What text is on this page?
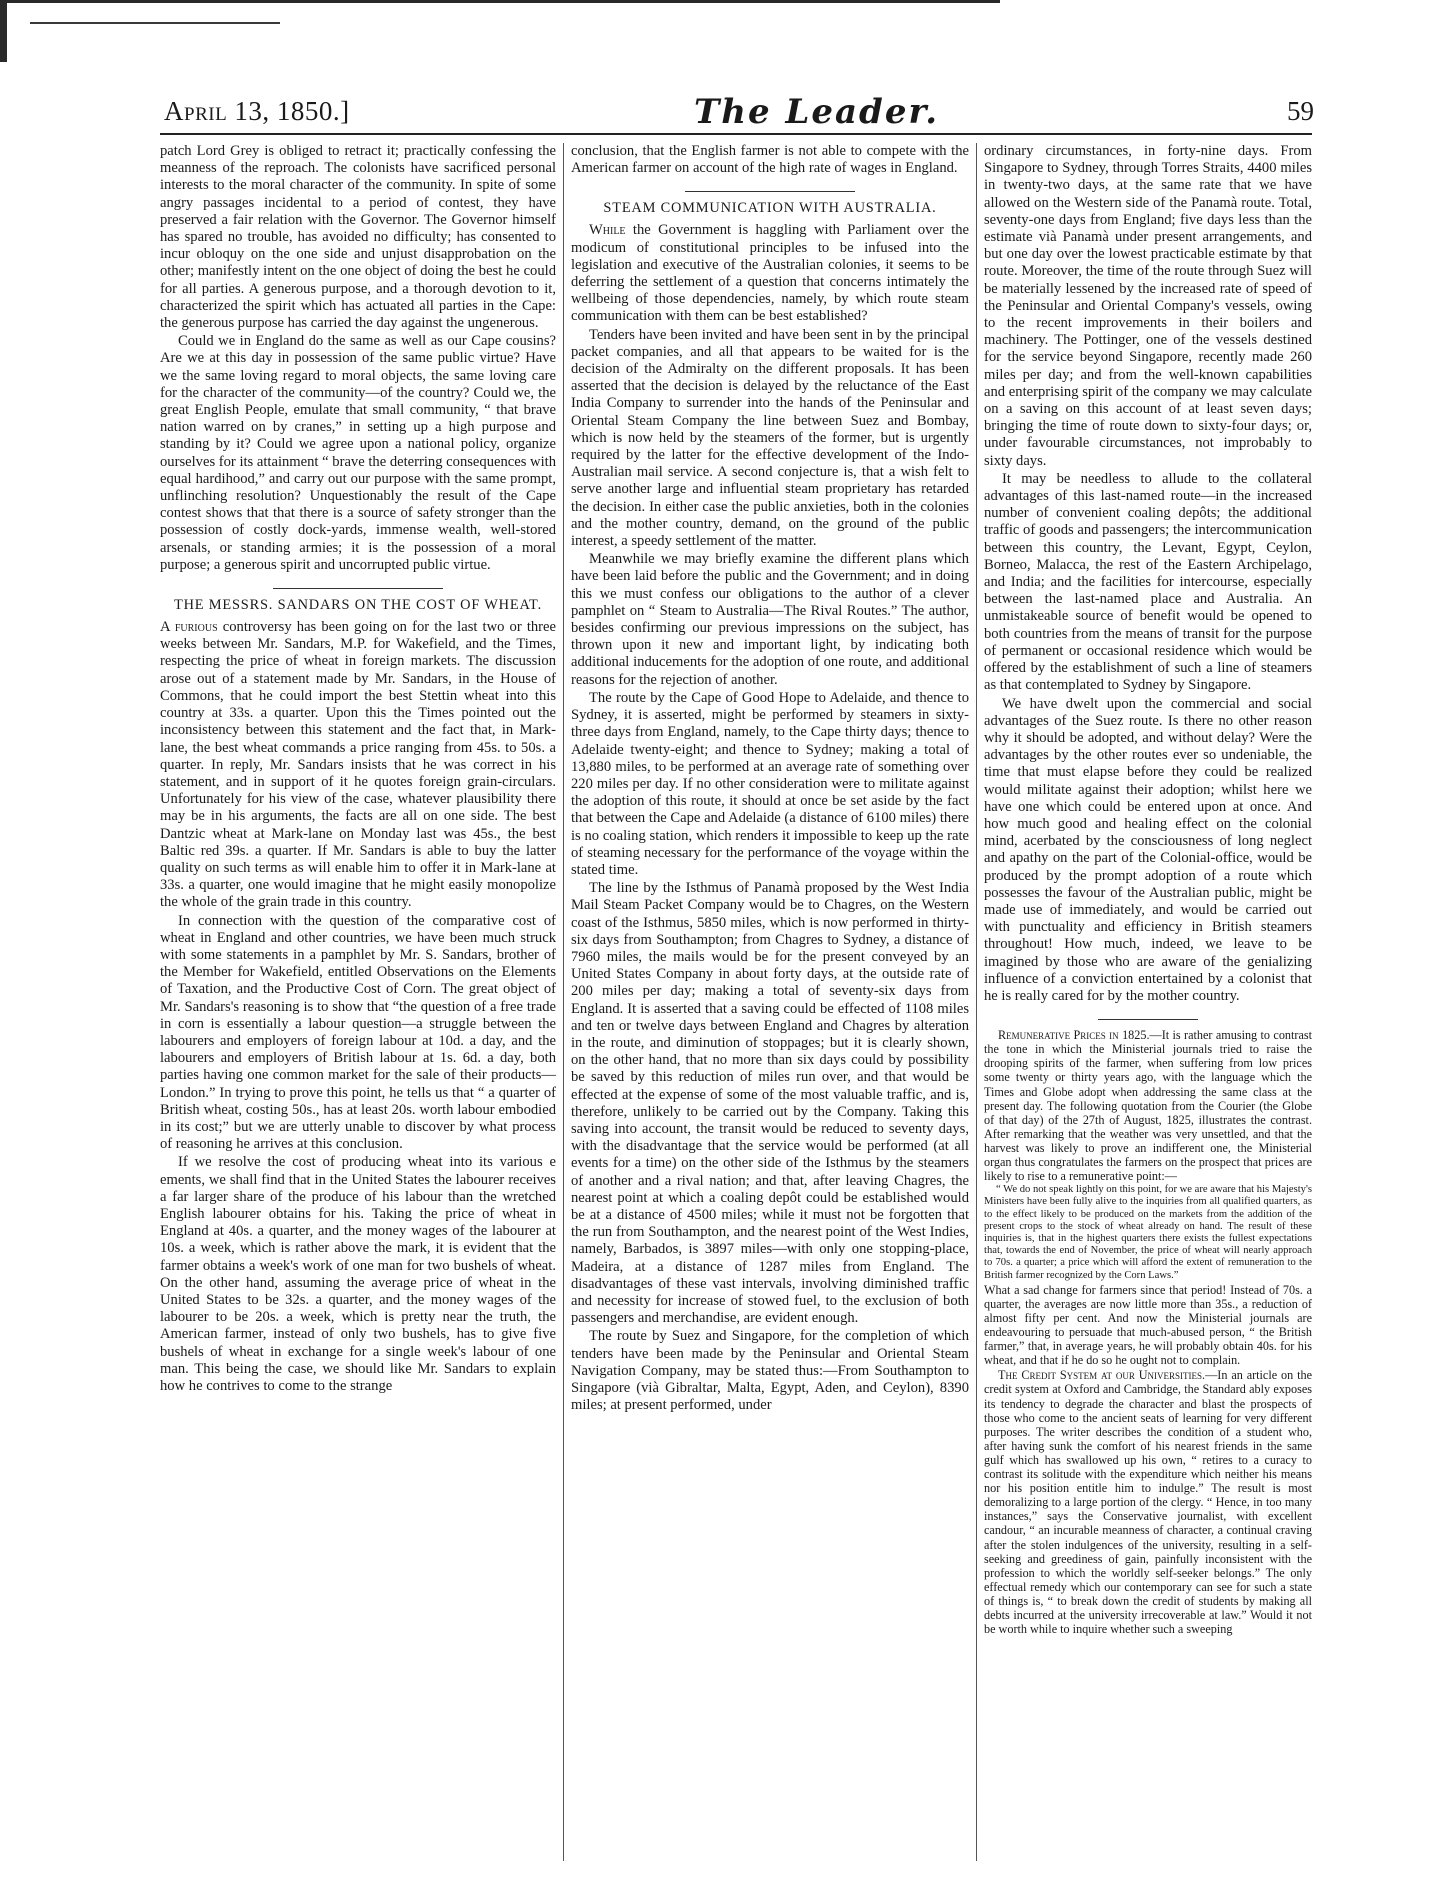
April 13, 1850.]	The Leader.	59

patch Lord Grey is obliged to retract it; practically confessing the meanness of the reproach. The colonists have sacrificed personal interests to the moral character of the community. In spite of some angry passages incidental to a period of contest, they have preserved a fair relation with the Governor. The Governor himself has spared no trouble, has avoided no difficulty; has consented to incur obloquy on the one side and unjust disapprobation on the other; manifestly intent on the one object of doing the best he could for all parties. A generous purpose, and a thorough devotion to it, characterized the spirit which has actuated all parties in the Cape: the generous purpose has carried the day against the ungenerous.

Could we in England do the same as well as our Cape cousins? Are we at this day in possession of the same public virtue? Have we the same loving regard to moral objects, the same loving care for the character of the community—of the country? Could we, the great English People, emulate that small community, “ that brave nation warred on by cranes,” in setting up a high purpose and standing by it? Could we agree upon a national policy, organize ourselves for its attainment “ brave the deterring consequences with equal hardihood,” and carry out our purpose with the same prompt, unflinching resolution? Unquestionably the result of the Cape contest shows that that there is a source of safety stronger than the possession of costly dock-yards, immense wealth, well-stored arsenals, or standing armies; it is the possession of a moral purpose; a generous spirit and uncorrupted public virtue.

THE MESSRS. SANDARS ON THE COST OF WHEAT.

A furious controversy has been going on for the last two or three weeks between Mr. Sandars, M.P. for Wakefield, and the Times, respecting the price of wheat in foreign markets. The discussion arose out of a statement made by Mr. Sandars, in the House of Commons, that he could import the best Stettin wheat into this country at 33s. a quarter. Upon this the Times pointed out the inconsistency between this statement and the fact that, in Mark-lane, the best wheat commands a price ranging from 45s. to 50s. a quarter. In reply, Mr. Sandars insists that he was correct in his statement, and in support of it he quotes foreign grain-circulars. Unfortunately for his view of the case, whatever plausibility there may be in his arguments, the facts are all on one side. The best Dantzic wheat at Mark-lane on Monday last was 45s., the best Baltic red 39s. a quarter. If Mr. Sandars is able to buy the latter quality on such terms as will enable him to offer it in Mark-lane at 33s. a quarter, one would imagine that he might easily monopolize the whole of the grain trade in this country.

In connection with the question of the comparative cost of wheat in England and other countries, we have been much struck with some statements in a pamphlet by Mr. S. Sandars, brother of the Member for Wakefield, entitled Observations on the Elements of Taxation, and the Productive Cost of Corn. The great object of Mr. Sandars's reasoning is to show that “the question of a free trade in corn is essentially a labour question—a struggle between the labourers and employers of foreign labour at 10d. a day, and the labourers and employers of British labour at 1s. 6d. a day, both parties having one common market for the sale of their products—London.” In trying to prove this point, he tells us that “ a quarter of British wheat, costing 50s., has at least 20s. worth labour embodied in its cost;” but we are utterly unable to discover by what process of reasoning he arrives at this conclusion.

If we resolve the cost of producing wheat into its various e ements, we shall find that in the United States the labourer receives a far larger share of the produce of his labour than the wretched English labourer obtains for his. Taking the price of wheat in England at 40s. a quarter, and the money wages of the labourer at 10s. a week, which is rather above the mark, it is evident that the farmer obtains a week's work of one man for two bushels of wheat. On the other hand, assuming the average price of wheat in the United States to be 32s. a quarter, and the money wages of the labourer to be 20s. a week, which is pretty near the truth, the American farmer, instead of only two bushels, has to give five bushels of wheat in exchange for a single week's labour of one man. This being the case, we should like Mr. Sandars to explain how he contrives to come to the strange

conclusion, that the English farmer is not able to compete with the American farmer on account of the high rate of wages in England.

STEAM COMMUNICATION WITH AUSTRALIA.

While the Government is haggling with Parliament over the modicum of constitutional principles to be infused into the legislation and executive of the Australian colonies, it seems to be deferring the settlement of a question that concerns intimately the wellbeing of those dependencies, namely, by which route steam communication with them can be best established?

Tenders have been invited and have been sent in by the principal packet companies, and all that appears to be waited for is the decision of the Admiralty on the different proposals. It has been asserted that the decision is delayed by the reluctance of the East India Company to surrender into the hands of the Peninsular and Oriental Steam Company the line between Suez and Bombay, which is now held by the steamers of the former, but is urgently required by the latter for the effective development of the Indo-Australian mail service. A second conjecture is, that a wish felt to serve another large and influential steam proprietary has retarded the decision. In either case the public anxieties, both in the colonies and the mother country, demand, on the ground of the public interest, a speedy settlement of the matter.

Meanwhile we may briefly examine the different plans which have been laid before the public and the Government; and in doing this we must confess our obligations to the author of a clever pamphlet on “ Steam to Australia—The Rival Routes.” The author, besides confirming our previous impressions on the subject, has thrown upon it new and important light, by indicating both additional inducements for the adoption of one route, and additional reasons for the rejection of another.

The route by the Cape of Good Hope to Adelaide, and thence to Sydney, it is asserted, might be performed by steamers in sixty-three days from England, namely, to the Cape thirty days; thence to Adelaide twenty-eight; and thence to Sydney; making a total of 13,880 miles, to be performed at an average rate of something over 220 miles per day. If no other consideration were to militate against the adoption of this route, it should at once be set aside by the fact that between the Cape and Adelaide (a distance of 6100 miles) there is no coaling station, which renders it impossible to keep up the rate of steaming necessary for the performance of the voyage within the stated time.

The line by the Isthmus of Panamà proposed by the West India Mail Steam Packet Company would be to Chagres, on the Western coast of the Isthmus, 5850 miles, which is now performed in thirty-six days from Southampton; from Chagres to Sydney, a distance of 7960 miles, the mails would be for the present conveyed by an United States Company in about forty days, at the outside rate of 200 miles per day; making a total of seventy-six days from England. It is asserted that a saving could be effected of 1108 miles and ten or twelve days between England and Chagres by alteration in the route, and diminution of stoppages; but it is clearly shown, on the other hand, that no more than six days could by possibility be saved by this reduction of miles run over, and that would be effected at the expense of some of the most valuable traffic, and is, therefore, unlikely to be carried out by the Company. Taking this saving into account, the transit would be reduced to seventy days, with the disadvantage that the service would be performed (at all events for a time) on the other side of the Isthmus by the steamers of another and a rival nation; and that, after leaving Chagres, the nearest point at which a coaling depôt could be established would be at a distance of 4500 miles; while it must not be forgotten that the run from Southampton, and the nearest point of the West Indies, namely, Barbados, is 3897 miles—with only one stopping-place, Madeira, at a distance of 1287 miles from England. The disadvantages of these vast intervals, involving diminished traffic and necessity for increase of stowed fuel, to the exclusion of both passengers and merchandise, are evident enough.

The route by Suez and Singapore, for the completion of which tenders have been made by the Peninsular and Oriental Steam Navigation Company, may be stated thus:—From Southampton to Singapore (vià Gibraltar, Malta, Egypt, Aden, and Ceylon), 8390 miles; at present performed, under

ordinary circumstances, in forty-nine days. From Singapore to Sydney, through Torres Straits, 4400 miles in twenty-two days, at the same rate that we have allowed on the Western side of the Panamà route. Total, seventy-one days from England; five days less than the estimate vià Panamà under present arrangements, and but one day over the lowest practicable estimate by that route. Moreover, the time of the route through Suez will be materially lessened by the increased rate of speed of the Peninsular and Oriental Company's vessels, owing to the recent improvements in their boilers and machinery. The Pottinger, one of the vessels destined for the service beyond Singapore, recently made 260 miles per day; and from the well-known capabilities and enterprising spirit of the company we may calculate on a saving on this account of at least seven days; bringing the time of route down to sixty-four days; or, under favourable circumstances, not improbably to sixty days.

It may be needless to allude to the collateral advantages of this last-named route—in the increased number of convenient coaling depôts; the additional traffic of goods and passengers; the intercommunication between this country, the Levant, Egypt, Ceylon, Borneo, Malacca, the rest of the Eastern Archipelago, and India; and the facilities for intercourse, especially between the last-named place and Australia. An unmistakeable source of benefit would be opened to both countries from the means of transit for the purpose of permanent or occasional residence which would be offered by the establishment of such a line of steamers as that contemplated to Sydney by Singapore.

We have dwelt upon the commercial and social advantages of the Suez route. Is there no other reason why it should be adopted, and without delay? Were the advantages by the other routes ever so undeniable, the time that must elapse before they could be realized would militate against their adoption; whilst here we have one which could be entered upon at once. And how much good and healing effect on the colonial mind, acerbated by the consciousness of long neglect and apathy on the part of the Colonial-office, would be produced by the prompt adoption of a route which possesses the favour of the Australian public, might be made use of immediately, and would be carried out with punctuality and efficiency in British steamers throughout! How much, indeed, we leave to be imagined by those who are aware of the genializing influence of a conviction entertained by a colonist that he is really cared for by the mother country.

Remunerative Prices in 1825.—It is rather amusing to contrast the tone in which the Ministerial journals tried to raise the drooping spirits of the farmer, when suffering from low prices some twenty or thirty years ago, with the language which the Times and Globe adopt when addressing the same class at the present day. The following quotation from the Courier (the Globe of that day) of the 27th of August, 1825, illustrates the contrast. After remarking that the weather was very unsettled, and that the harvest was likely to prove an indifferent one, the Ministerial organ thus congratulates the farmers on the prospect that prices are likely to rise to a remunerative point:—

“ We do not speak lightly on this point, for we are aware that his Majesty's Ministers have been fully alive to the inquiries from all qualified quarters, as to the effect likely to be produced on the markets from the addition of the present crops to the stock of wheat already on hand. The result of these inquiries is, that in the highest quarters there exists the fullest expectations that, towards the end of November, the price of wheat will nearly approach to 70s. a quarter; a price which will afford the extent of remuneration to the British farmer recognized by the Corn Laws.”

What a sad change for farmers since that period! Instead of 70s. a quarter, the averages are now little more than 35s., a reduction of almost fifty per cent. And now the Ministerial journals are endeavouring to persuade that much-abused person, “ the British farmer,” that, in average years, he will probably obtain 40s. for his wheat, and that if he do so he ought not to complain.

The Credit System at our Universities.—In an article on the credit system at Oxford and Cambridge, the Standard ably exposes its tendency to degrade the character and blast the prospects of those who come to the ancient seats of learning for very different purposes. The writer describes the condition of a student who, after having sunk the comfort of his nearest friends in the same gulf which has swallowed up his own, “ retires to a curacy to contrast its solitude with the expenditure which neither his means nor his position entitle him to indulge.” The result is most demoralizing to a large portion of the clergy. “ Hence, in too many instances,” says the Conservative journalist, with excellent candour, “ an incurable meanness of character, a continual craving after the stolen indulgences of the university, resulting in a self-seeking and greediness of gain, painfully inconsistent with the profession to which the worldly self-seeker belongs.” The only effectual remedy which our contemporary can see for such a state of things is, “ to break down the credit of students by making all debts incurred at the university irrecoverable at law.” Would it not be worth while to inquire whether such a sweeping
